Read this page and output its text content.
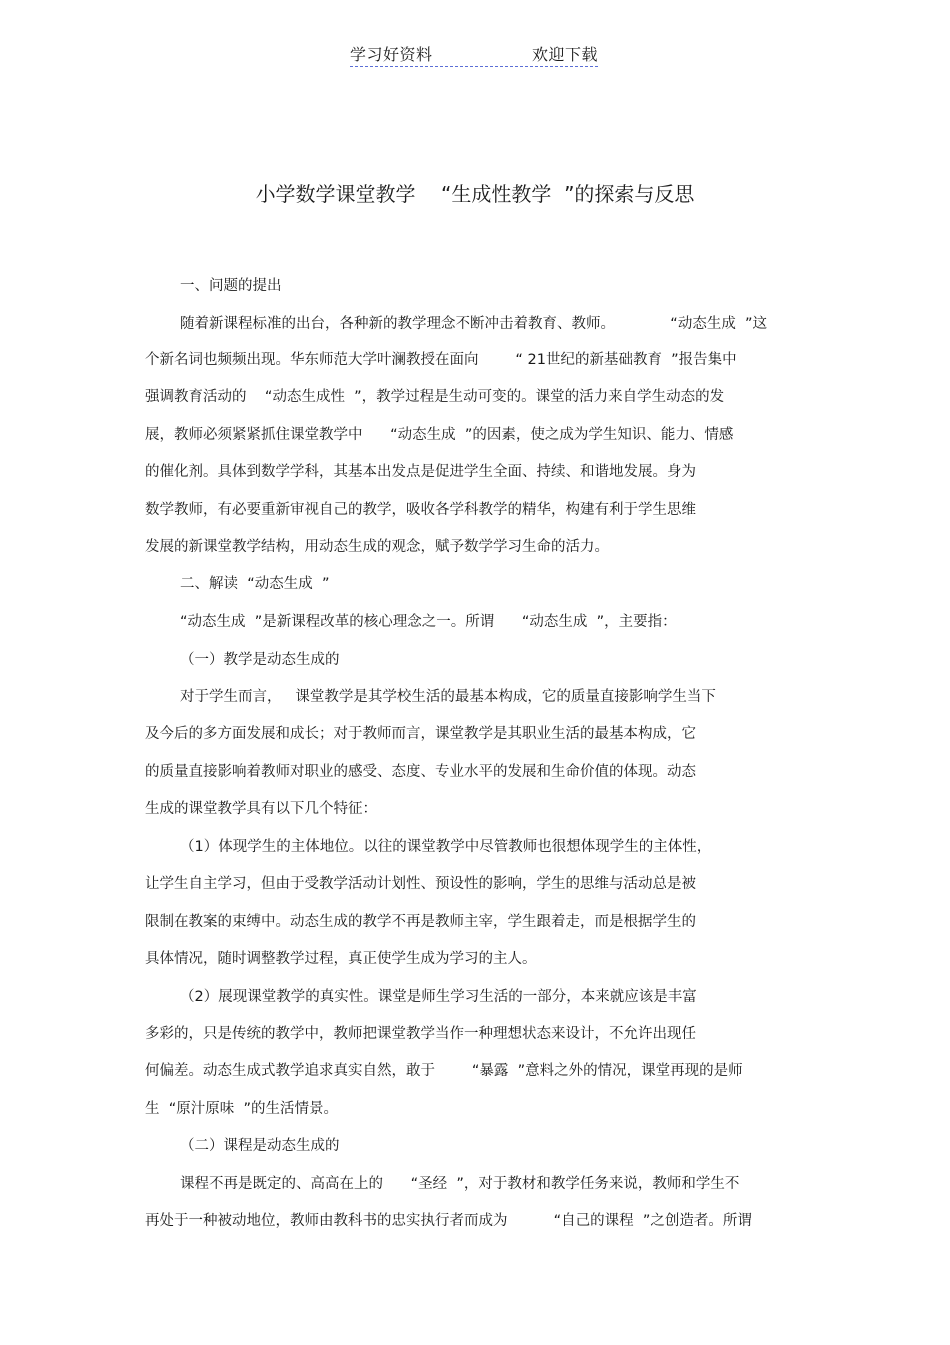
学习好资料	欢迎下载
小学数学课堂教学    “生成性教学  ”的探索与反思
一、问题的提出
随着新课程标准的出台，各种新的教学理念不断冲击着教育、教师。            “动态生成  ”这
个新名词也频频出现。华东师范大学叶澜教授在面向        “ 21世纪的新基础教育  ”报告集中
强调教育活动的    “动态生成性  ”，教学过程是生动可变的。课堂的活力来自学生动态的发
展，教师必须紧紧抓住课堂教学中      “动态生成  ”的因素，使之成为学生知识、能力、情感
的催化剂。具体到数学学科，其基本出发点是促进学生全面、持续、和谐地发展。身为
数学教师，有必要重新审视自己的教学，吸收各学科教学的精华，构建有利于学生思维
发展的新课堂教学结构，用动态生成的观念，赋予数学学习生命的活力。
二、解读  “动态生成  ”
“动态生成  ”是新课程改革的核心理念之一。所谓      “动态生成  ”，主要指：
（一）教学是动态生成的
对于学生而言，   课堂教学是其学校生活的最基本构成，它的质量直接影响学生当下
及今后的多方面发展和成长；对于教师而言，课堂教学是其职业生活的最基本构成，它
的质量直接影响着教师对职业的感受、态度、专业水平的发展和生命价值的体现。动态
生成的课堂教学具有以下几个特征：
（1）体现学生的主体地位。以往的课堂教学中尽管教师也很想体现学生的主体性，
让学生自主学习，但由于受教学活动计划性、预设性的影响，学生的思维与活动总是被
限制在教案的束缚中。动态生成的教学不再是教师主宰，学生跟着走，而是根据学生的
具体情况，随时调整教学过程，真正使学生成为学习的主人。
（2）展现课堂教学的真实性。课堂是师生学习生活的一部分，本来就应该是丰富
多彩的，只是传统的教学中，教师把课堂教学当作一种理想状态来设计，不允许出现任
何偏差。动态生成式教学追求真实自然，敢于        “暴露  ”意料之外的情况，课堂再现的是师
生  “原汁原味  ”的生活情景。
（二）课程是动态生成的
课程不再是既定的、高高在上的      “圣经  ”，对于教材和教学任务来说，教师和学生不
再处于一种被动地位，教师由教科书的忠实执行者而成为          “自己的课程  ”之创造者。所谓
